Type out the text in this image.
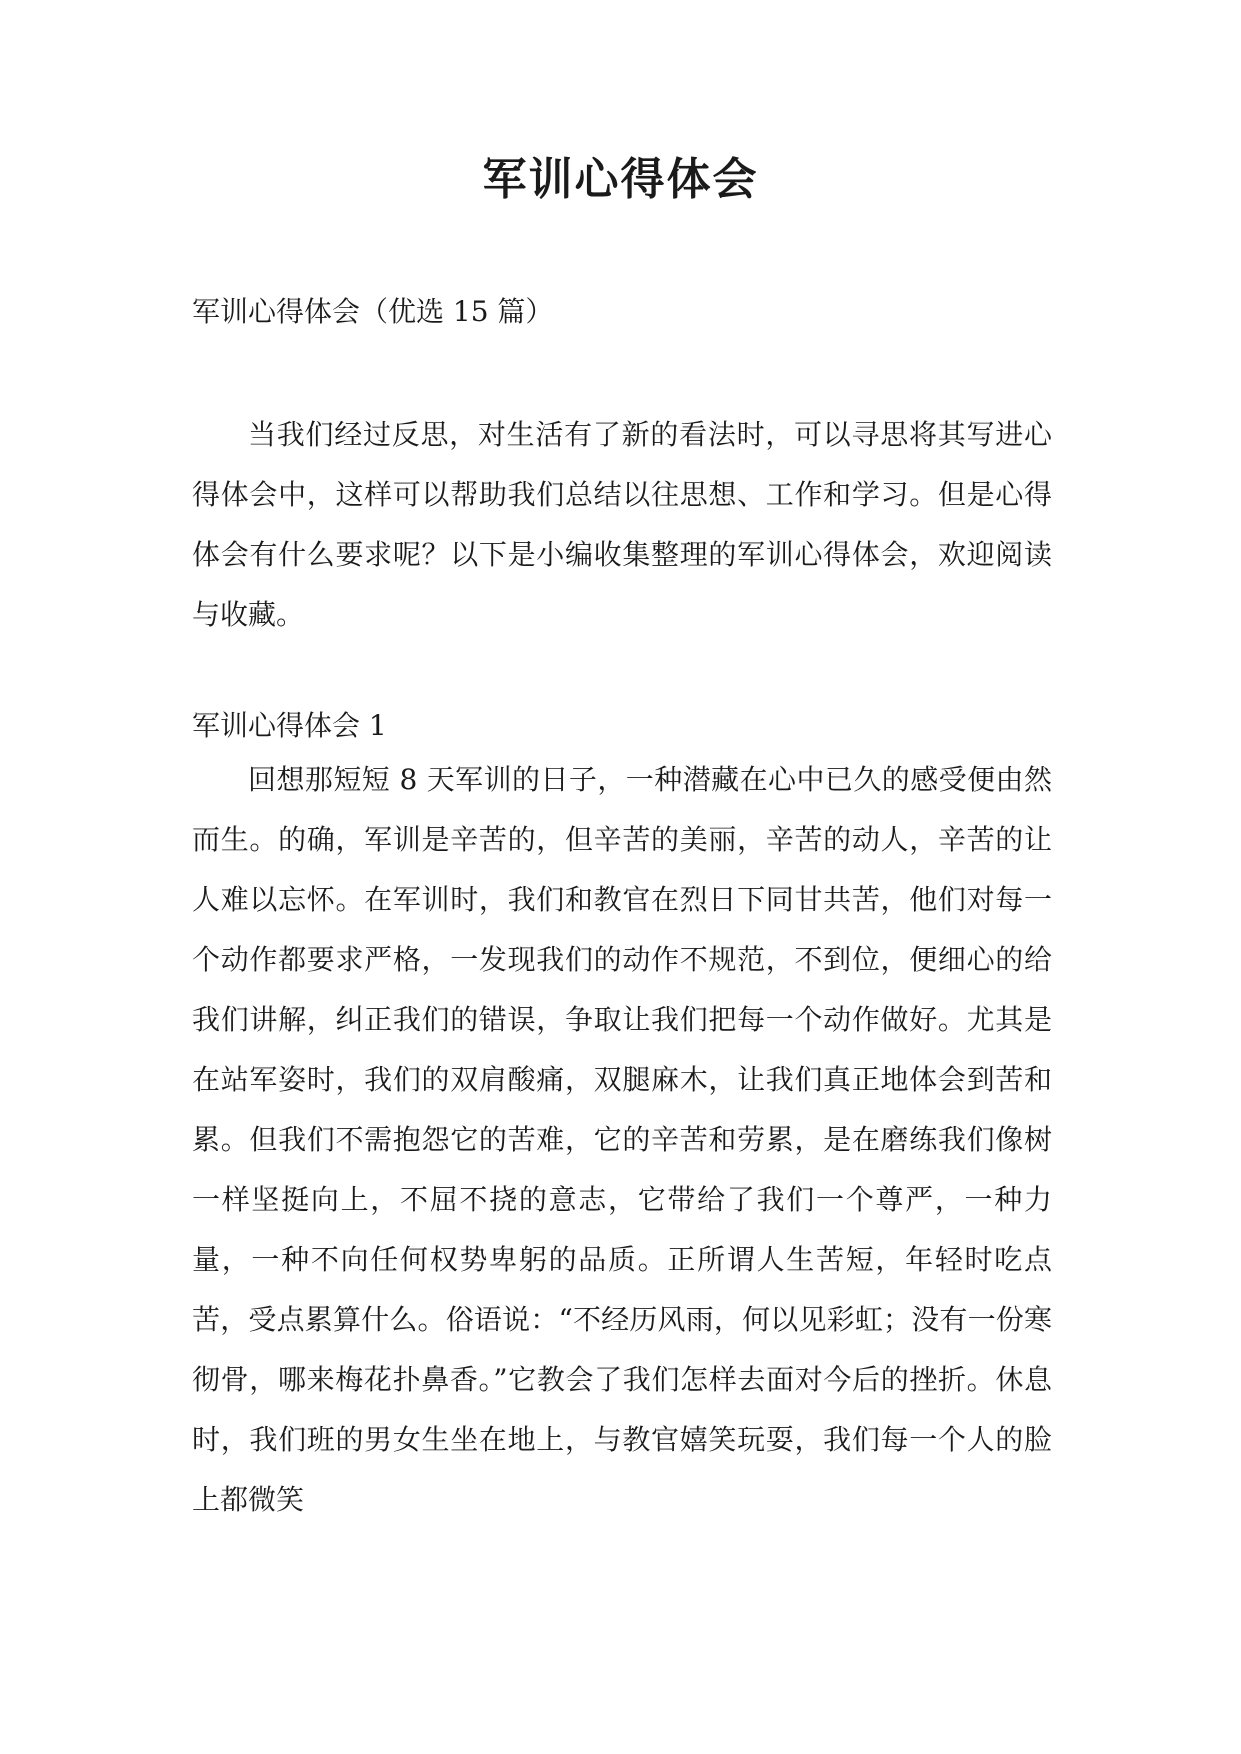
军训心得体会

军训心得体会（优选 15 篇）

当我们经过反思，对生活有了新的看法时，可以寻思将其写进心得体会中，这样可以帮助我们总结以往思想、工作和学习。但是心得体会有什么要求呢？以下是小编收集整理的军训心得体会，欢迎阅读与收藏。

军训心得体会 1

回想那短短 8 天军训的日子，一种潜藏在心中已久的感受便由然而生。的确，军训是辛苦的，但辛苦的美丽，辛苦的动人，辛苦的让人难以忘怀。在军训时，我们和教官在烈日下同甘共苦，他们对每一个动作都要求严格，一发现我们的动作不规范，不到位，便细心的给我们讲解，纠正我们的错误，争取让我们把每一个动作做好。尤其是在站军姿时，我们的双肩酸痛，双腿麻木，让我们真正地体会到苦和累。但我们不需抱怨它的苦难，它的辛苦和劳累，是在磨练我们像树一样坚挺向上，不屈不挠的意志，它带给了我们一个尊严，一种力量，一种不向任何权势卑躬的品质。正所谓人生苦短，年轻时吃点苦，受点累算什么。俗语说：“不经历风雨，何以见彩虹；没有一份寒彻骨，哪来梅花扑鼻香。”它教会了我们怎样去面对今后的挫折。休息时，我们班的男女生坐在地上，与教官嬉笑玩耍，我们每一个人的脸上都微笑
